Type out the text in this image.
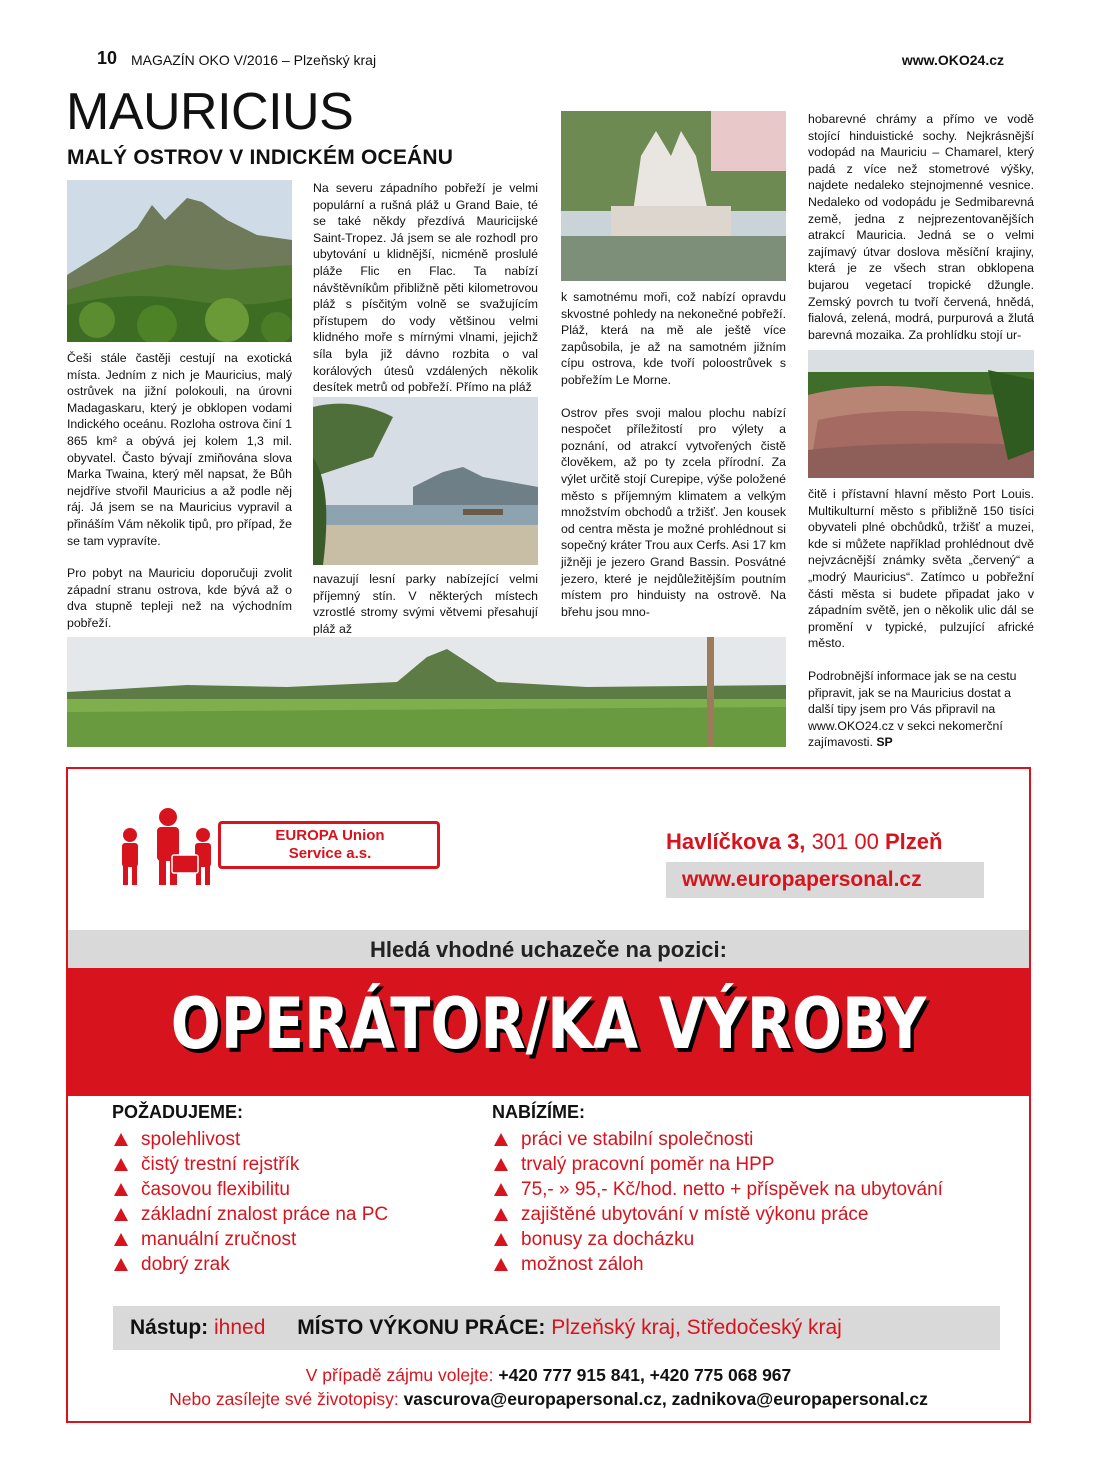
10 MAGAZÍN OKO V/2016 – Plzeňský kraj	www.OKO24.cz
MAURICIUS
MALÝ OSTROV V INDICKÉM OCEÁNU

Češi stále častěji cestují na exotická místa. Jedním z nich je Mauricius, malý ostrůvek na jižní polokouli, na úrovni Madagaskaru, který je obklopen vodami Indického oceánu. Rozloha ostrova činí 1 865 km² a obývá jej kolem 1,3 mil. obyvatel. Často bývají zmiňována slova Marka Twaina, který měl napsat, že Bůh nejdříve stvořil Mauricius a až podle něj ráj. Já jsem se na Mauricius vypravil a přináším Vám několik tipů, pro případ, že se tam vypravíte.

Pro pobyt na Mauriciu doporučuji zvolit západní stranu ostrova, kde bývá až o dva stupně tepleji než na východním pobřeží.

Na severu západního pobřeží je velmi populární a rušná pláž u Grand Baie, té se také někdy přezdívá Mauricijské Saint-Tropez. Já jsem se ale rozhodl pro ubytování u klidnější, nicméně proslulé pláže Flic en Flac. Ta nabízí návštěvníkům přibližně pěti kilometrovou pláž s písčitým volně se svažujícím přístupem do vody většinou velmi klidného moře s mírnými vlnami, jejichž síla byla již dávno rozbita o val korálových útesů vzdálených několik desítek metrů od pobřeží. Přímo na pláž

navazují lesní parky nabízející velmi příjemný stín. V některých místech vzrostlé stromy svými větvemi přesahují pláž až

k samotnému moři, což nabízí opravdu skvostné pohledy na nekonečné pobřeží. Pláž, která na mě ale ještě více zapůsobila, je až na samotném jižním cípu ostrova, kde tvoří poloostrůvek s pobřežím Le Morne.

Ostrov přes svoji malou plochu nabízí nespočet příležitostí pro výlety a poznání, od atrakcí vytvořených čistě člověkem, až po ty zcela přírodní. Za výlet určitě stojí Curepipe, výše položené město s příjemným klimatem a velkým množstvím obchodů a tržišť. Jen kousek od centra města je možné prohlédnout si sopečný kráter Trou aux Cerfs. Asi 17 km jižněji je jezero Grand Bassin. Posvátné jezero, které je nejdůležitějším poutním místem pro hinduisty na ostrově. Na břehu jsou mno-

hobarevné chrámy a přímo ve vodě stojící hinduistické sochy. Nejkrásnější vodopád na Mauriciu – Chamarel, který padá z více než stometrové výšky, najdete nedaleko stejnojmenné vesnice. Nedaleko od vodopádu je Sedmibarevná země, jedna z nejprezentovanějších atrakcí Mauricia. Jedná se o velmi zajímavý útvar doslova měsíční krajiny, která je ze všech stran obklopena bujarou vegetací tropické džungle. Zemský povrch tu tvoří červená, hnědá, fialová, zelená, modrá, purpurová a žlutá barevná mozaika. Za prohlídku stojí ur-

čitě i přístavní hlavní město Port Louis. Multikulturní město s přibližně 150 tisíci obyvateli plné obchůdků, tržišť a muzei, kde si můžete například prohlédnout dvě nejvzácnější známky světa „červený“ a „modrý Mauricius“. Zatímco u pobřežní části města si budete připadat jako v západním světě, jen o několik ulic dál se promění v typické, pulzující africké město.

Podrobnější informace jak se na cestu připravit, jak se na Mauricius dostat a další tipy jsem pro Vás připravil na www.OKO24.cz v sekci nekomerční zajímavosti. SP

EUROPA Union
Service a.s.	Havlíčkova 3, 301 00 Plzeň
www.europapersonal.cz
Hledá vhodné uchazeče na pozici:
OPERÁTOR/KA VÝROBY
POŽADUJEME:
spolehlivost
čistý trestní rejstřík
časovou flexibilitu
základní znalost práce na PC
manuální zručnost
dobrý zrak
NABÍZÍME:
práci ve stabilní společnosti
trvalý pracovní poměr na HPP
75,- » 95,- Kč/hod. netto + příspěvek na ubytování
zajištěné ubytování v místě výkonu práce
bonusy za docházku
možnost záloh
Nástup: ihned MÍSTO VÝKONU PRÁCE: Plzeňský kraj, Středočeský kraj
V případě zájmu volejte: +420 777 915 841, +420 775 068 967
Nebo zasílejte své životopisy: vascurova@europapersonal.cz, zadnikova@europapersonal.cz
